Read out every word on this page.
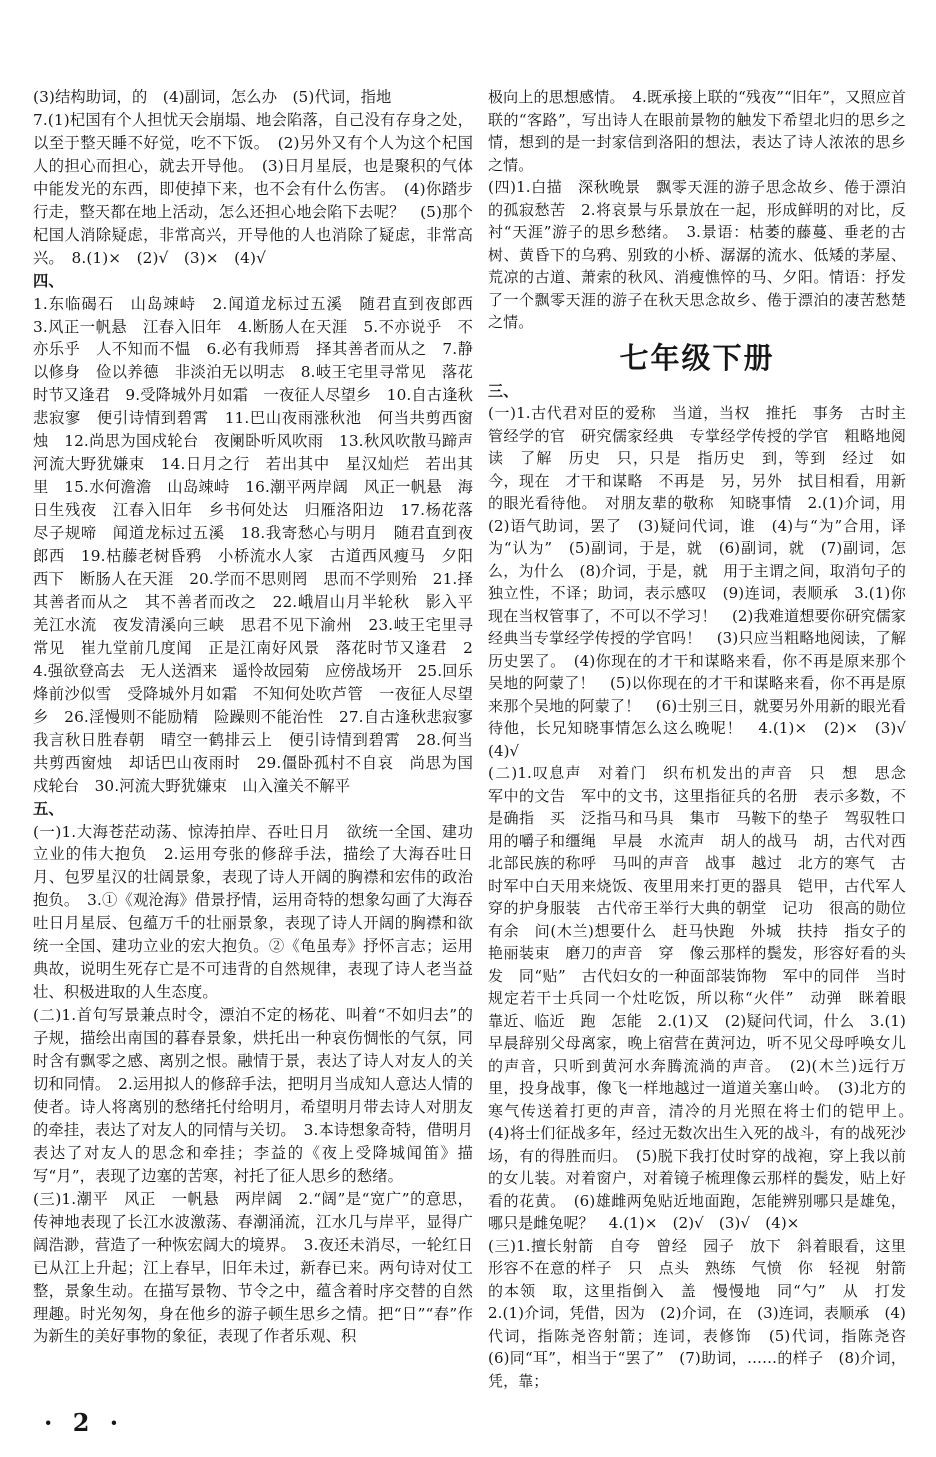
(3)结构助词，的　(4)副词，怎么办　(5)代词，指地
7.(1)杞国有个人担忧天会崩塌、地会陷落，自己没有存身之处，以至于整天睡不好觉，吃不下饭。　(2)另外又有个人为这个杞国人的担心而担心，就去开导他。　(3)日月星辰，也是聚积的气体中能发光的东西，即使掉下来，也不会有什么伤害。　(4)你踏步行走，整天都在地上活动，怎么还担心地会陷下去呢？　(5)那个杞国人消除疑虑，非常高兴，开导他的人也消除了疑虑，非常高兴。　8.(1)×　(2)√　(3)×　(4)√

四、

1.东临碣石　山岛竦峙　2.闻道龙标过五溪　随君直到夜郎西　3.风正一帆悬　江春入旧年　4.断肠人在天涯　5.不亦说乎　不亦乐乎　人不知而不愠　6.必有我师焉　择其善者而从之　7.静以修身　俭以养德　非淡泊无以明志　8.岐王宅里寻常见　落花时节又逢君　9.受降城外月如霜　一夜征人尽望乡　10.自古逢秋悲寂寥　便引诗情到碧霄　11.巴山夜雨涨秋池　何当共剪西窗烛　12.尚思为国戍轮台　夜阑卧听风吹雨　13.秋风吹散马蹄声　河流大野犹嫌束　14.日月之行　若出其中　星汉灿烂　若出其里　15.水何澹澹　山岛竦峙　16.潮平两岸阔　风正一帆悬　海日生残夜　江春入旧年　乡书何处达　归雁洛阳边　17.杨花落尽子规啼　闻道龙标过五溪　18.我寄愁心与明月　随君直到夜郎西　19.枯藤老树昏鸦　小桥流水人家　古道西风瘦马　夕阳西下　断肠人在天涯　20.学而不思则罔　思而不学则殆　21.择其善者而从之　其不善者而改之　22.峨眉山月半轮秋　影入平羌江水流　夜发清溪向三峡　思君不见下渝州　23.岐王宅里寻常见　崔九堂前几度闻　正是江南好风景　落花时节又逢君　24.强欲登高去　无人送酒来　遥怜故园菊　应傍战场开　25.回乐烽前沙似雪　受降城外月如霜　不知何处吹芦管　一夜征人尽望乡　26.淫慢则不能励精　险躁则不能治性　27.自古逢秋悲寂寥　我言秋日胜春朝　晴空一鹤排云上　便引诗情到碧霄　28.何当共剪西窗烛　却话巴山夜雨时　29.僵卧孤村不自哀　尚思为国戍轮台　30.河流大野犹嫌束　山入潼关不解平

五、

(一)1.大海苍茫动荡、惊涛拍岸、吞吐日月　欲统一全国、建功立业的伟大抱负　2.运用夸张的修辞手法，描绘了大海吞吐日月、包罗星汉的壮阔景象，表现了诗人开阔的胸襟和宏伟的政治抱负。　3.①《观沧海》借景抒情，运用奇特的想象勾画了大海吞吐日月星辰、包蕴万千的壮丽景象，表现了诗人开阔的胸襟和欲统一全国、建功立业的宏大抱负。②《龟虽寿》抒怀言志；运用典故，说明生死存亡是不可违背的自然规律，表现了诗人老当益壮、积极进取的人生态度。

(二)1.首句写景兼点时令，漂泊不定的杨花、叫着“不如归去”的子规，描绘出南国的暮春景象，烘托出一种哀伤惆怅的气氛，同时含有飘零之感、离别之恨。融情于景，表达了诗人对友人的关切和同情。　2.运用拟人的修辞手法，把明月当成知人意达人情的使者。诗人将离别的愁绪托付给明月，希望明月带去诗人对朋友的牵挂，表达了对友人的同情与关切。　3.本诗想象奇特，借明月表达了对友人的思念和牵挂；李益的《夜上受降城闻笛》描写“月”，表现了边塞的苦寒，衬托了征人思乡的愁绪。

(三)1.潮平　风正　一帆悬　两岸阔　2.“阔”是“宽广”的意思，传神地表现了长江水波激荡、春潮涌流，江水几与岸平，显得广阔浩渺，营造了一种恢宏阔大的境界。　3.夜还未消尽，一轮红日已从江上升起；江上春早，旧年未过，新春已来。两句诗对仗工整，景象生动。在描写景物、节令之中，蕴含着时序交替的自然理趣。时光匆匆，身在他乡的游子顿生思乡之情。把“日”“春”作为新生的美好事物的象征，表现了作者乐观、积

极向上的思想感情。　4.既承接上联的“残夜”“旧年”，又照应首联的“客路”，写出诗人在眼前景物的触发下希望北归的思乡之情，想到的是一封家信到洛阳的想法，表达了诗人浓浓的思乡之情。

(四)1.白描　深秋晚景　飘零天涯的游子思念故乡、倦于漂泊的孤寂愁苦　2.将哀景与乐景放在一起，形成鲜明的对比，反衬“天涯”游子的思乡愁绪。　3.景语：枯萎的藤蔓、垂老的古树、黄昏下的乌鸦、别致的小桥、潺潺的流水、低矮的茅屋、荒凉的古道、萧索的秋风、消瘦憔悴的马、夕阳。情语：抒发了一个飘零天涯的游子在秋天思念故乡、倦于漂泊的凄苦愁楚之情。

七年级下册

三、

(一)1.古代君对臣的爱称　当道，当权　推托　事务　古时主管经学的官　研究儒家经典　专掌经学传授的学官　粗略地阅读　了解　历史　只，只是　指历史　到，等到　经过　如今，现在　才干和谋略　不再是　另，另外　拭目相看，用新的眼光看待他。　对朋友辈的敬称　知晓事情　2.(1)介词，用　(2)语气助词，罢了　(3)疑问代词，谁　(4)与“为”合用，译为“认为”　(5)副词，于是，就　(6)副词，就　(7)副词，怎么，为什么　(8)介词，于是，就　用于主谓之间，取消句子的独立性，不译；助词，表示感叹　(9)连词，表顺承　3.(1)你现在当权管事了，不可以不学习！　(2)我难道想要你研究儒家经典当专掌经学传授的学官吗！　(3)只应当粗略地阅读，了解历史罢了。　(4)你现在的才干和谋略来看，你不再是原来那个吴地的阿蒙了！　(5)以你现在的才干和谋略来看，你不再是原来那个吴地的阿蒙了！　(6)士别三日，就要另外用新的眼光看待他，长兄知晓事情怎么这么晚呢！　4.(1)×　(2)×　(3)√　(4)√

(二)1.叹息声　对着门　织布机发出的声音　只　想　思念　军中的文告　军中的文书，这里指征兵的名册　表示多数，不是确指　买　泛指马和马具　集市　马鞍下的垫子　驾驭牲口用的嚼子和缰绳　早晨　水流声　胡人的战马　胡，古代对西北部民族的称呼　马叫的声音　战事　越过　北方的寒气　古时军中白天用来烧饭、夜里用来打更的器具　铠甲，古代军人穿的护身服装　古代帝王举行大典的朝堂　记功　很高的勋位　有余　问(木兰)想要什么　赶马快跑　外城　扶持　指女子的艳丽装束　磨刀的声音　穿　像云那样的鬓发，形容好看的头发　同“贴”　古代妇女的一种面部装饰物　军中的同伴　当时规定若干士兵同一个灶吃饭，所以称“火伴”　动弹　眯着眼　靠近、临近　跑　怎能　2.(1)又　(2)疑问代词，什么　3.(1)早晨辞别父母离家，晚上宿营在黄河边，听不见父母呼唤女儿的声音，只听到黄河水奔腾流淌的声音。　(2)(木兰)远行万里，投身战事，像飞一样地越过一道道关塞山岭。　(3)北方的寒气传送着打更的声音，清冷的月光照在将士们的铠甲上。　(4)将士们征战多年，经过无数次出生入死的战斗，有的战死沙场，有的得胜而归。　(5)脱下我打仗时穿的战袍，穿上我以前的女儿装。对着窗户，对着镜子梳理像云那样的鬓发，贴上好看的花黄。　(6)雄雌两兔贴近地面跑，怎能辨别哪只是雄兔，哪只是雌兔呢？　4.(1)×　(2)√　(3)√　(4)×

(三)1.擅长射箭　自夸　曾经　园子　放下　斜着眼看，这里形容不在意的样子　只　点头　熟练　气愤　你　轻视　射箭的本领　取，这里指倒入　盖　慢慢地　同“勺”　从　打发　2.(1)介词，凭借，因为　(2)介词，在　(3)连词，表顺承　(4)代词，指陈尧咨射箭；连词，表修饰　(5)代词，指陈尧咨　(6)同“耳”，相当于“罢了”　(7)助词，……的样子　(8)介词，凭，靠；

· 2 ·
